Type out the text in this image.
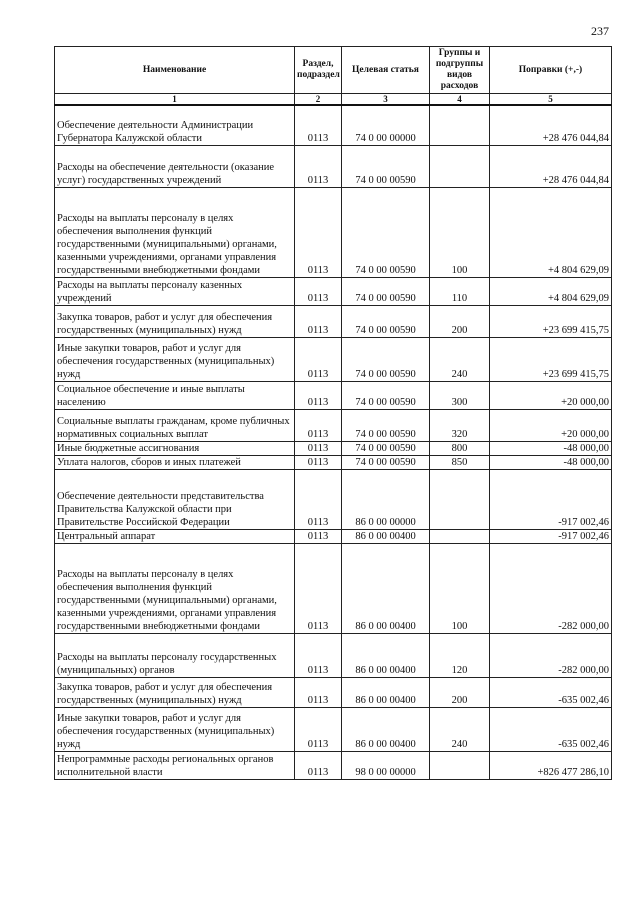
237
Наименование	Раздел, подраздел	Целевая статья	Группы и подгруппы видов расходов	Поправки (+,-)
1	2	3	4	5
Обеспечение деятельности Администрации Губернатора Калужской области	0113	74 0 00 00000		+28 476 044,84
Расходы на обеспечение деятельности (оказание услуг) государственных учреждений	0113	74 0 00 00590		+28 476 044,84
Расходы на выплаты персоналу в целях обеспечения выполнения функций государственными (муниципальными) органами, казенными учреждениями, органами управления государственными внебюджетными фондами	0113	74 0 00 00590	100	+4 804 629,09
Расходы на выплаты персоналу казенных учреждений	0113	74 0 00 00590	110	+4 804 629,09
Закупка товаров, работ и услуг для обеспечения государственных (муниципальных) нужд	0113	74 0 00 00590	200	+23 699 415,75
Иные закупки товаров, работ и услуг для обеспечения государственных (муниципальных) нужд	0113	74 0 00 00590	240	+23 699 415,75
Социальное обеспечение и иные выплаты населению	0113	74 0 00 00590	300	+20 000,00
Социальные выплаты гражданам, кроме публичных нормативных социальных выплат	0113	74 0 00 00590	320	+20 000,00
Иные бюджетные ассигнования	0113	74 0 00 00590	800	-48 000,00
Уплата налогов, сборов и иных платежей	0113	74 0 00 00590	850	-48 000,00
Обеспечение деятельности представительства Правительства Калужской области при Правительстве Российской Федерации	0113	86 0 00 00000		-917 002,46
Центральный аппарат	0113	86 0 00 00400		-917 002,46
Расходы на выплаты персоналу в целях обеспечения выполнения функций государственными (муниципальными) органами, казенными учреждениями, органами управления государственными внебюджетными фондами	0113	86 0 00 00400	100	-282 000,00
Расходы на выплаты персоналу государственных (муниципальных) органов	0113	86 0 00 00400	120	-282 000,00
Закупка товаров, работ и услуг для обеспечения государственных (муниципальных) нужд	0113	86 0 00 00400	200	-635 002,46
Иные закупки товаров, работ и услуг для обеспечения государственных (муниципальных) нужд	0113	86 0 00 00400	240	-635 002,46
Непрограммные расходы региональных органов исполнительной власти	0113	98 0 00 00000		+826 477 286,10
